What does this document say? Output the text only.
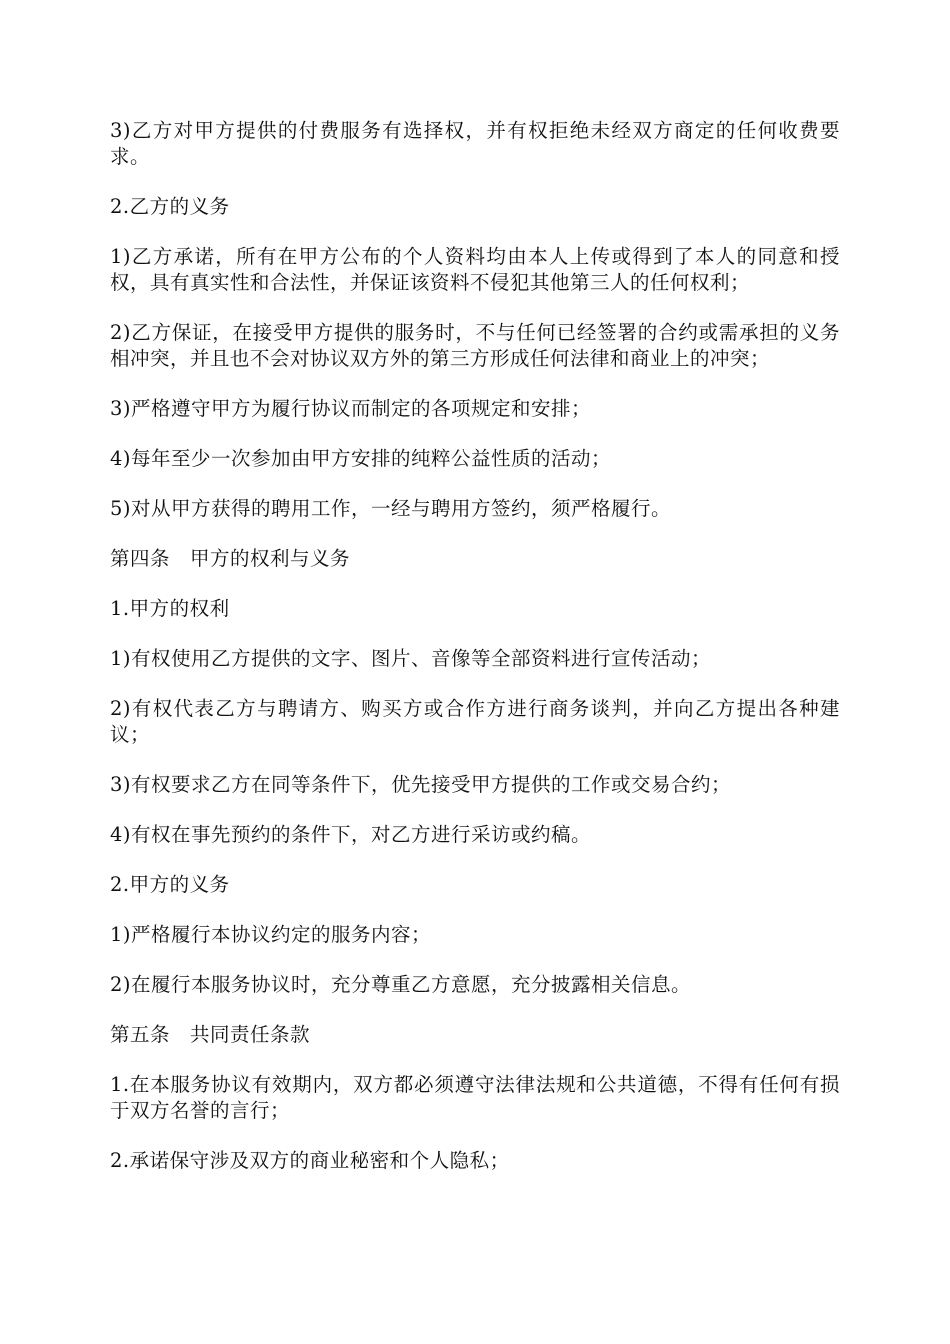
3)乙方对甲方提供的付费服务有选择权，并有权拒绝未经双方商定的任何收费要求。

2.乙方的义务

1)乙方承诺，所有在甲方公布的个人资料均由本人上传或得到了本人的同意和授权，具有真实性和合法性，并保证该资料不侵犯其他第三人的任何权利；

2)乙方保证，在接受甲方提供的服务时，不与任何已经签署的合约或需承担的义务相冲突，并且也不会对协议双方外的第三方形成任何法律和商业上的冲突；

3)严格遵守甲方为履行协议而制定的各项规定和安排；

4)每年至少一次参加由甲方安排的纯粹公益性质的活动；

5)对从甲方获得的聘用工作，一经与聘用方签约，须严格履行。

第四条　甲方的权利与义务

1.甲方的权利

1)有权使用乙方提供的文字、图片、音像等全部资料进行宣传活动；

2)有权代表乙方与聘请方、购买方或合作方进行商务谈判，并向乙方提出各种建议；

3)有权要求乙方在同等条件下，优先接受甲方提供的工作或交易合约；

4)有权在事先预约的条件下，对乙方进行采访或约稿。

2.甲方的义务

1)严格履行本协议约定的服务内容；

2)在履行本服务协议时，充分尊重乙方意愿，充分披露相关信息。

第五条　共同责任条款

1.在本服务协议有效期内，双方都必须遵守法律法规和公共道德，不得有任何有损于双方名誉的言行；

2.承诺保守涉及双方的商业秘密和个人隐私；
